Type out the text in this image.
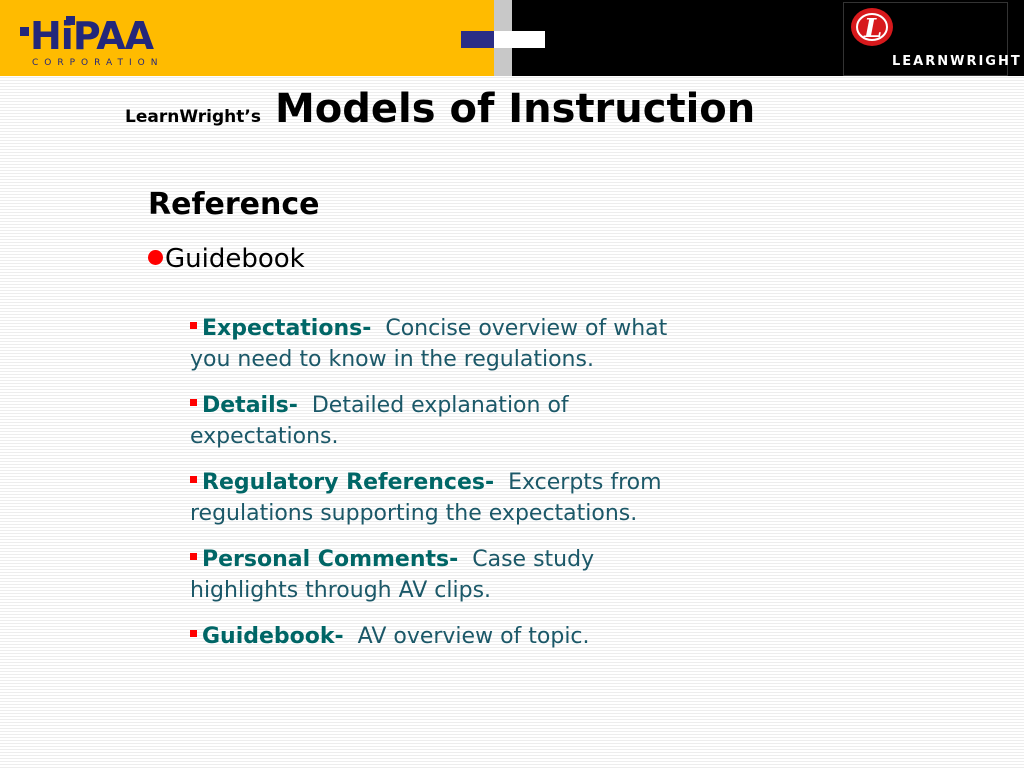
HiPAA
CORPORATION
L
LEARNWRIGHT
LearnWright’s Models of Instruction
Reference
Guidebook
Expectations- Concise overview of what you need to know in the regulations.
Details- Detailed explanation of expectations.
Regulatory References- Excerpts from regulations supporting the expectations.
Personal Comments- Case study highlights through AV clips.
Guidebook- AV overview of topic.
